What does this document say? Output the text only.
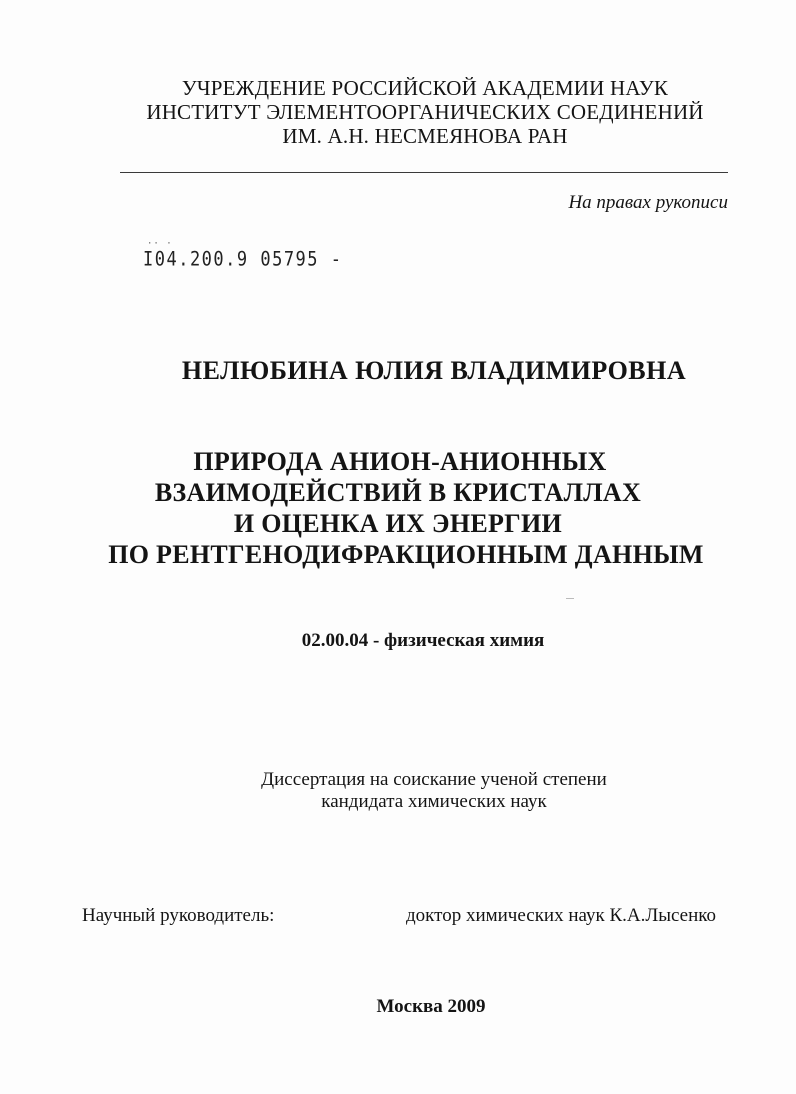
УЧРЕЖДЕНИЕ РОССИЙСКОЙ АКАДЕМИИ НАУК
ИНСТИТУТ ЭЛЕМЕНТООРГАНИЧЕСКИХ СОЕДИНЕНИЙ
ИМ. А.Н. НЕСМЕЯНОВА РАН
На правах рукописи
·· ·
I04.200.9 05795 -
НЕЛЮБИНА ЮЛИЯ ВЛАДИМИРОВНА
ПРИРОДА АНИОН-АНИОННЫХ
ВЗАИМОДЕЙСТВИЙ В КРИСТАЛЛАХ
И ОЦЕНКА ИХ ЭНЕРГИИ
ПО РЕНТГЕНОДИФРАКЦИОННЫМ ДАННЫМ
02.00.04 - физическая химия
Диссертация на соискание ученой степени
кандидата химических наук
Научный руководитель:	доктор химических наук К.А.Лысенко
Москва 2009
